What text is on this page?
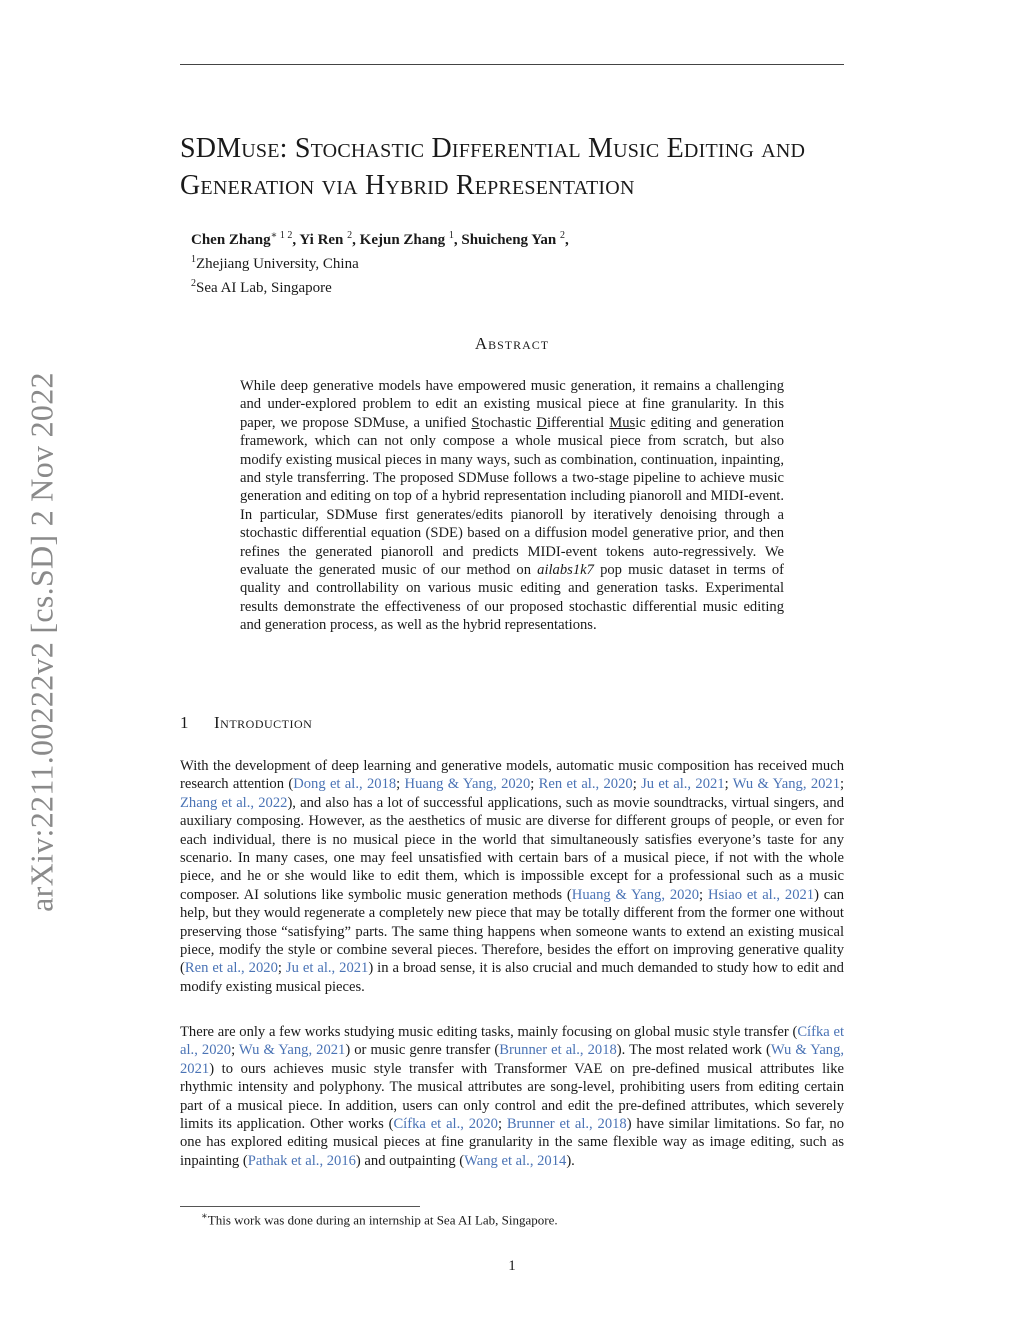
arXiv:2211.00222v2 [cs.SD] 2 Nov 2022
SDMuse: Stochastic Differential Music Editing and Generation via Hybrid Representation
Chen Zhang$^{∗ 1 2}$, Yi Ren $^2$, Kejun Zhang $^1$, Shuicheng Yan $^2$,
$^1$Zhejiang University, China
$^2$Sea AI Lab, Singapore
Abstract

While deep generative models have empowered music generation, it remains a challenging and under-explored problem to edit an existing musical piece at fine granularity. In this paper, we propose SDMuse, a unified Stochastic Differential Music editing and generation framework, which can not only compose a whole musical piece from scratch, but also modify existing musical pieces in many ways, such as combination, continuation, inpainting, and style transferring. The proposed SDMuse follows a two-stage pipeline to achieve music generation and editing on top of a hybrid representation including pianoroll and MIDI-event. In particular, SDMuse first generates/edits pianoroll by iteratively denoising through a stochastic differential equation (SDE) based on a diffusion model generative prior, and then refines the generated pianoroll and predicts MIDI-event tokens auto-regressively. We evaluate the generated music of our method on ailabs1k7 pop music dataset in terms of quality and controllability on various music editing and generation tasks. Experimental results demonstrate the effectiveness of our proposed stochastic differential music editing and generation process, as well as the hybrid representations.

1 Introduction

With the development of deep learning and generative models, automatic music composition has received much research attention (Dong et al., 2018; Huang & Yang, 2020; Ren et al., 2020; Ju et al., 2021; Wu & Yang, 2021; Zhang et al., 2022), and also has a lot of successful applications, such as movie soundtracks, virtual singers, and auxiliary composing. However, as the aesthetics of music are diverse for different groups of people, or even for each individual, there is no musical piece in the world that simultaneously satisfies everyone’s taste for any scenario. In many cases, one may feel unsatisfied with certain bars of a musical piece, if not with the whole piece, and he or she would like to edit them, which is impossible except for a professional such as a music composer. AI solutions like symbolic music generation methods (Huang & Yang, 2020; Hsiao et al., 2021) can help, but they would regenerate a completely new piece that may be totally different from the former one without preserving those “satisfying” parts. The same thing happens when someone wants to extend an existing musical piece, modify the style or combine several pieces. Therefore, besides the effort on improving generative quality (Ren et al., 2020; Ju et al., 2021) in a broad sense, it is also crucial and much demanded to study how to edit and modify existing musical pieces.

There are only a few works studying music editing tasks, mainly focusing on global music style transfer (Cífka et al., 2020; Wu & Yang, 2021) or music genre transfer (Brunner et al., 2018). The most related work (Wu & Yang, 2021) to ours achieves music style transfer with Transformer VAE on pre-defined musical attributes like rhythmic intensity and polyphony. The musical attributes are song-level, prohibiting users from editing certain part of a musical piece. In addition, users can only control and edit the pre-defined attributes, which severely limits its application. Other works (Cífka et al., 2020; Brunner et al., 2018) have similar limitations. So far, no one has explored editing musical pieces at fine granularity in the same flexible way as image editing, such as inpainting (Pathak et al., 2016) and outpainting (Wang et al., 2014).

∗This work was done during an internship at Sea AI Lab, Singapore.
1
